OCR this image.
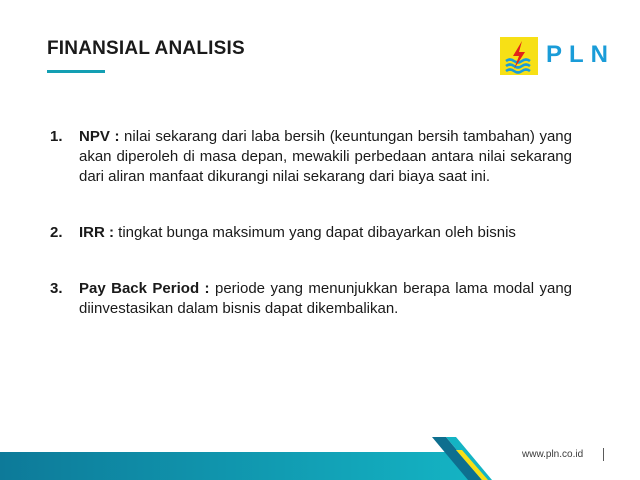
FINANSIAL ANALISIS	PLN
1. NPV : nilai sekarang dari laba bersih (keuntungan bersih tambahan) yang akan diperoleh di masa depan, mewakili perbedaan antara nilai sekarang dari aliran manfaat dikurangi nilai sekarang dari biaya saat ini.
2. IRR : tingkat bunga maksimum yang dapat dibayarkan oleh bisnis
3. Pay Back Period : periode yang menunjukkan berapa lama modal yang diinvestasikan dalam bisnis dapat dikembalikan.
www.pln.co.id
